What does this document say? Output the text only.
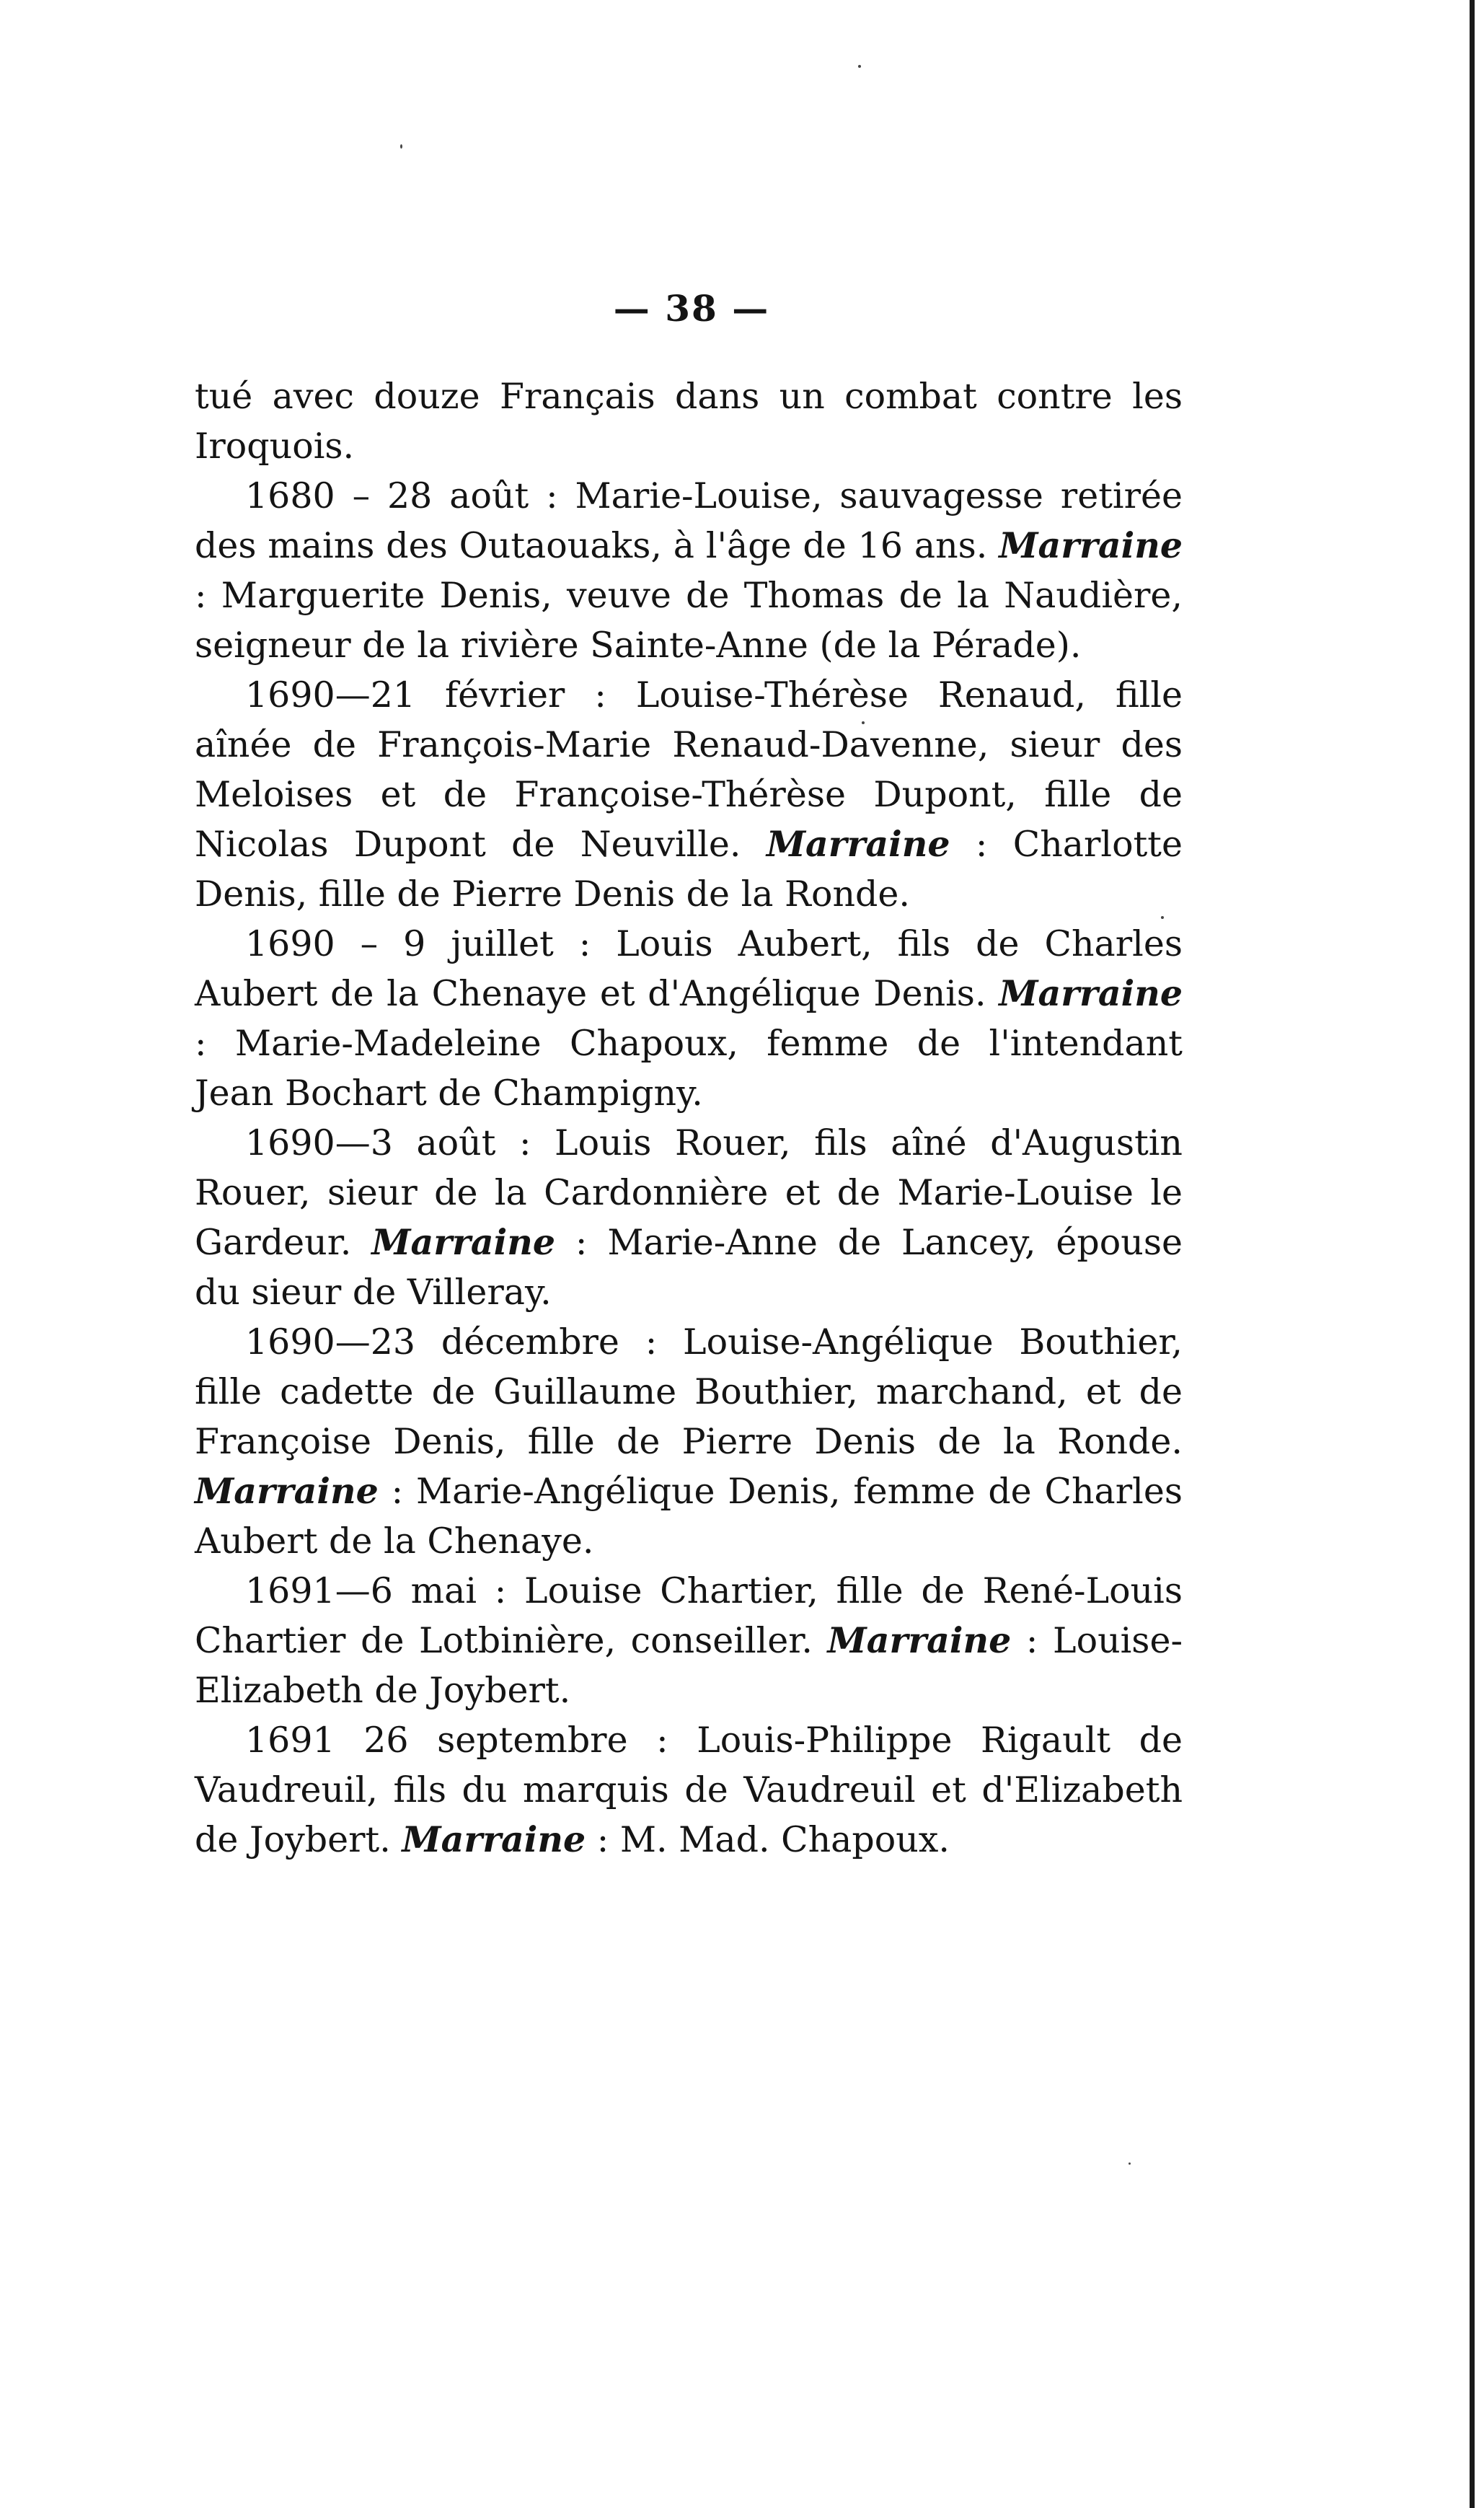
— 38 —

tué avec douze Français dans un combat contre les Iroquois.

1680 – 28 août : Marie-Louise, sauvagesse retirée des mains des Outaouaks, à l'âge de 16 ans. Marraine : Marguerite Denis, veuve de Thomas de la Naudière, seigneur de la rivière Sainte-Anne (de la Pérade).

1690—21 février : Louise-Thérèse Renaud, fille aînée de François-Marie Renaud-Davenne, sieur des Meloises et de Françoise-Thérèse Dupont, fille de Nicolas Dupont de Neuville. Marraine : Charlotte Denis, fille de Pierre Denis de la Ronde.

1690 – 9 juillet : Louis Aubert, fils de Charles Aubert de la Chenaye et d'Angélique Denis. Marraine : Marie-Madeleine Chapoux, femme de l'intendant Jean Bochart de Champigny.

1690—3 août : Louis Rouer, fils aîné d'Augustin Rouer, sieur de la Cardonnière et de Marie-Louise le Gardeur. Marraine : Marie-Anne de Lancey, épouse du sieur de Villeray.

1690—23 décembre : Louise-Angélique Bouthier, fille cadette de Guillaume Bouthier, marchand, et de Françoise Denis, fille de Pierre Denis de la Ronde. Marraine : Marie-Angélique Denis, femme de Charles Aubert de la Chenaye.

1691—6 mai : Louise Chartier, fille de René-Louis Chartier de Lotbinière, conseiller. Marraine : Louise-Elizabeth de Joybert.

1691 26 septembre : Louis-Philippe Rigault de Vaudreuil, fils du marquis de Vaudreuil et d'Elizabeth de Joybert. Marraine : M. Mad. Chapoux.
